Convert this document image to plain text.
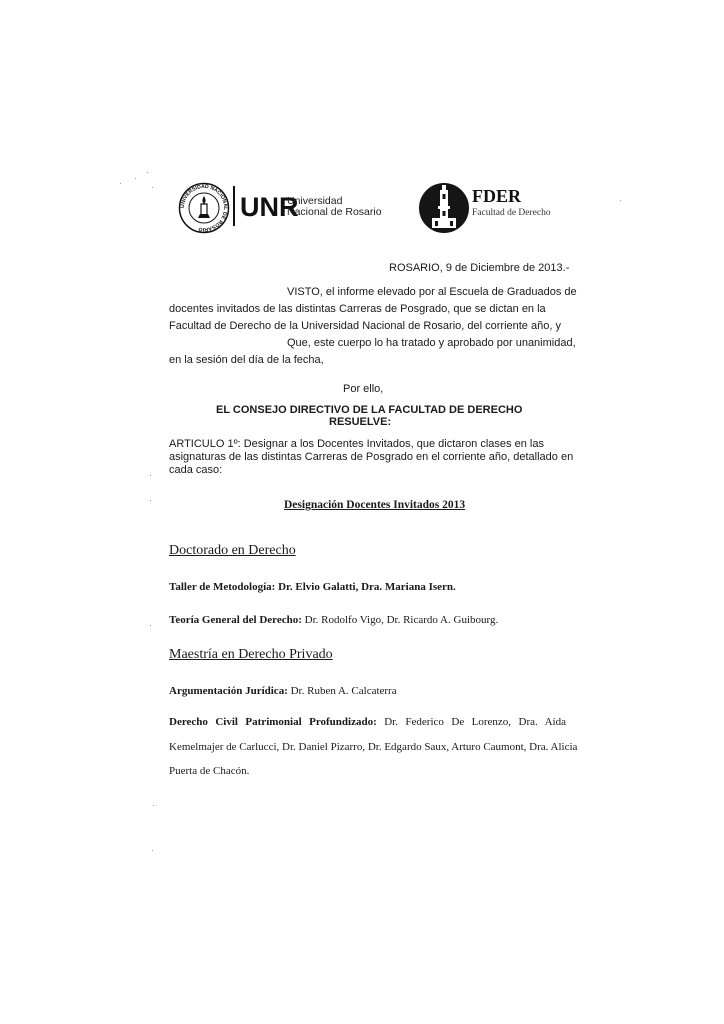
UNIVERSIDAD NACIONAL DE ROSARIO
UNR
Universidad
Nacional de Rosario
FDER
Facultad de Derecho
ROSARIO, 9 de Diciembre de 2013.-
VISTO, el informe elevado por al Escuela de Graduados de
docentes invitados de las distintas Carreras de Posgrado, que se dictan en la
Facultad de Derecho de la Universidad Nacional de Rosario, del corriente año, y
Que, este cuerpo lo ha tratado y aprobado por unanimidad,
en la sesión del día de la fecha,
Por ello,
EL CONSEJO DIRECTIVO DE LA FACULTAD DE DERECHO
RESUELVE:
ARTICULO 1º: Designar a los Docentes Invitados, que dictaron clases en las
asignaturas de las distintas Carreras de Posgrado en el corriente año, detallado en
cada caso:
Designación Docentes Invitados 2013
Doctorado en Derecho
Taller de Metodología: Dr. Elvio Galatti, Dra. Mariana Isern.
Teoría General del Derecho: Dr. Rodolfo Vigo, Dr. Ricardo A. Guibourg.
Maestría en Derecho Privado
Argumentación Jurídica: Dr. Ruben A. Calcaterra
Derecho Civil Patrimonial Profundizado: Dr. Federico De Lorenzo, Dra. Aída
Kemelmajer de Carlucci, Dr. Daniel Pizarro, Dr. Edgardo Saux, Arturo Caumont, Dra. Alicia
Puerta de Chacón.
